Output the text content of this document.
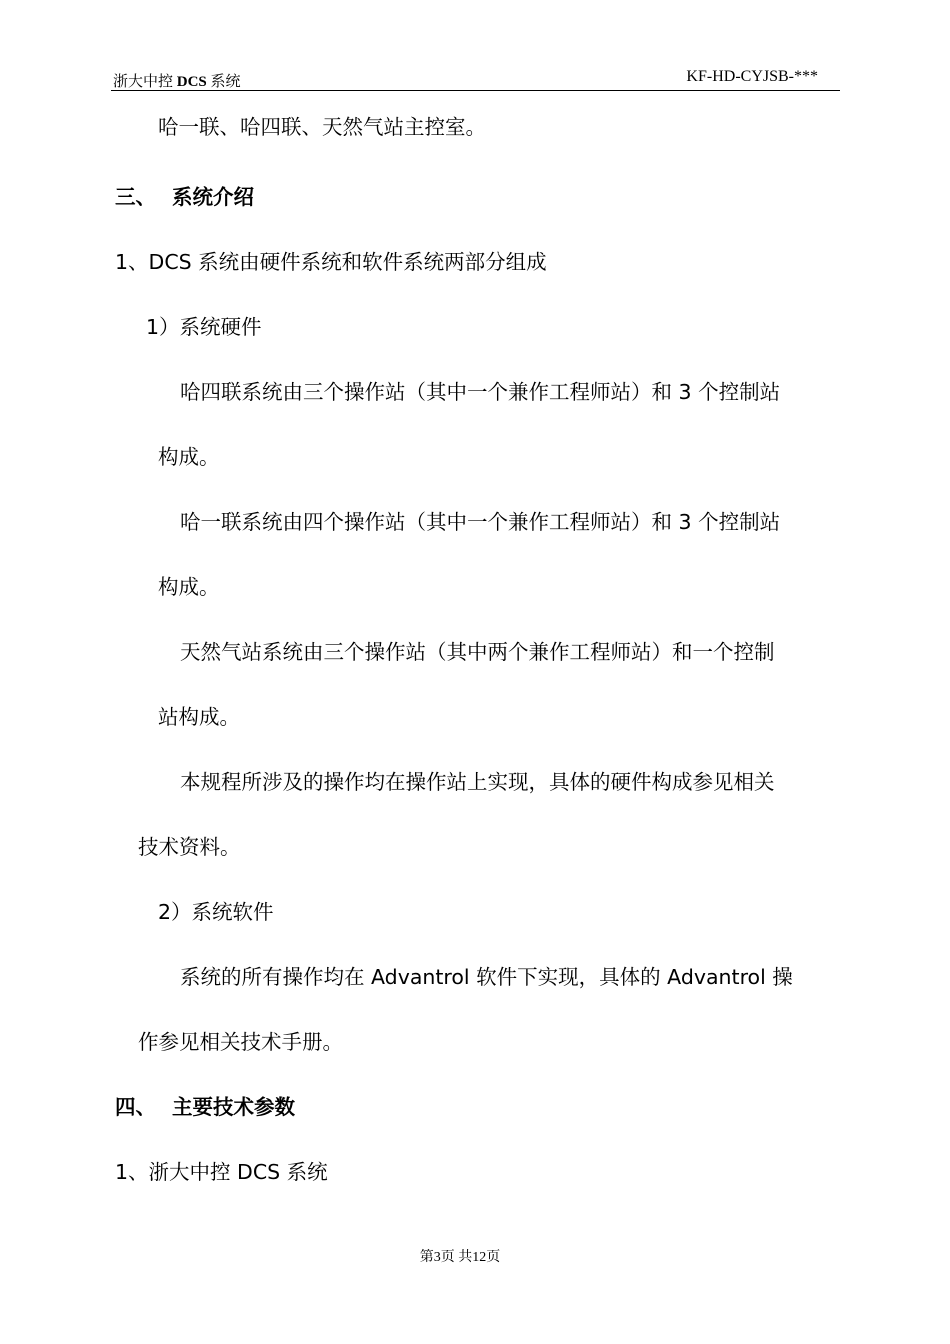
浙大中控 DCS 系统	KF-HD-CYJSB-***
哈一联、哈四联、天然气站主控室。
三、 系统介绍
1、DCS 系统由硬件系统和软件系统两部分组成
1）系统硬件
哈四联系统由三个操作站（其中一个兼作工程师站）和 3 个控制站
构成。
哈一联系统由四个操作站（其中一个兼作工程师站）和 3 个控制站
构成。
天然气站系统由三个操作站（其中两个兼作工程师站）和一个控制
站构成。
本规程所涉及的操作均在操作站上实现，具体的硬件构成参见相关
技术资料。
2）系统软件
系统的所有操作均在 Advantrol 软件下实现，具体的 Advantrol 操
作参见相关技术手册。
四、 主要技术参数
1、浙大中控 DCS 系统
第3页 共12页
